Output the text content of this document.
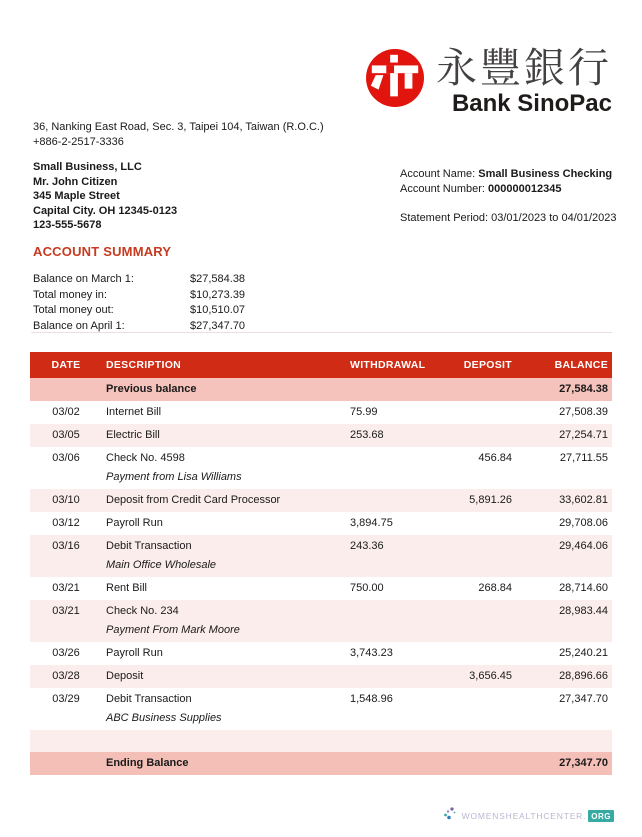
永豐銀行
Bank SinoPac
36, Nanking East Road, Sec. 3, Taipei 104, Taiwan (R.O.C.)
+886-2-2517-3336
Small Business, LLC
Mr. John Citizen
345 Maple Street
Capital City. OH 12345-0123
123-555-5678
Account Name: Small Business Checking
Account Number: 000000012345
Statement Period: 03/01/2023 to 04/01/2023
ACCOUNT SUMMARY
Balance on March 1:	$27,584.38
Total money in:	$10,273.39
Total money out:	$10,510.07
Balance on April 1:	$27,347.70
DATE	DESCRIPTION	WITHDRAWAL	DEPOSIT	BALANCE
	Previous balance			27,584.38
03/02	Internet Bill	75.99		27,508.39
03/05	Electric Bill	253.68		27,254.71
03/06	Check No. 4598
Payment from Lisa Williams		456.84	27,711.55
03/10	Deposit from Credit Card Processor		5,891.26	33,602.81
03/12	Payroll Run	3,894.75		29,708.06
03/16	Debit Transaction
Main Office Wholesale	243.36		29,464.06
03/21	Rent Bill	750.00	268.84	28,714.60
03/21	Check No. 234
Payment From Mark Moore			28,983.44
03/26	Payroll Run	3,743.23		25,240.21
03/28	Deposit		3,656.45	28,896.66
03/29	Debit Transaction
ABC Business Supplies	1,548.96		27,347.70

	Ending Balance			27,347.70
WOMENSHEALTHCENTER. ORG
